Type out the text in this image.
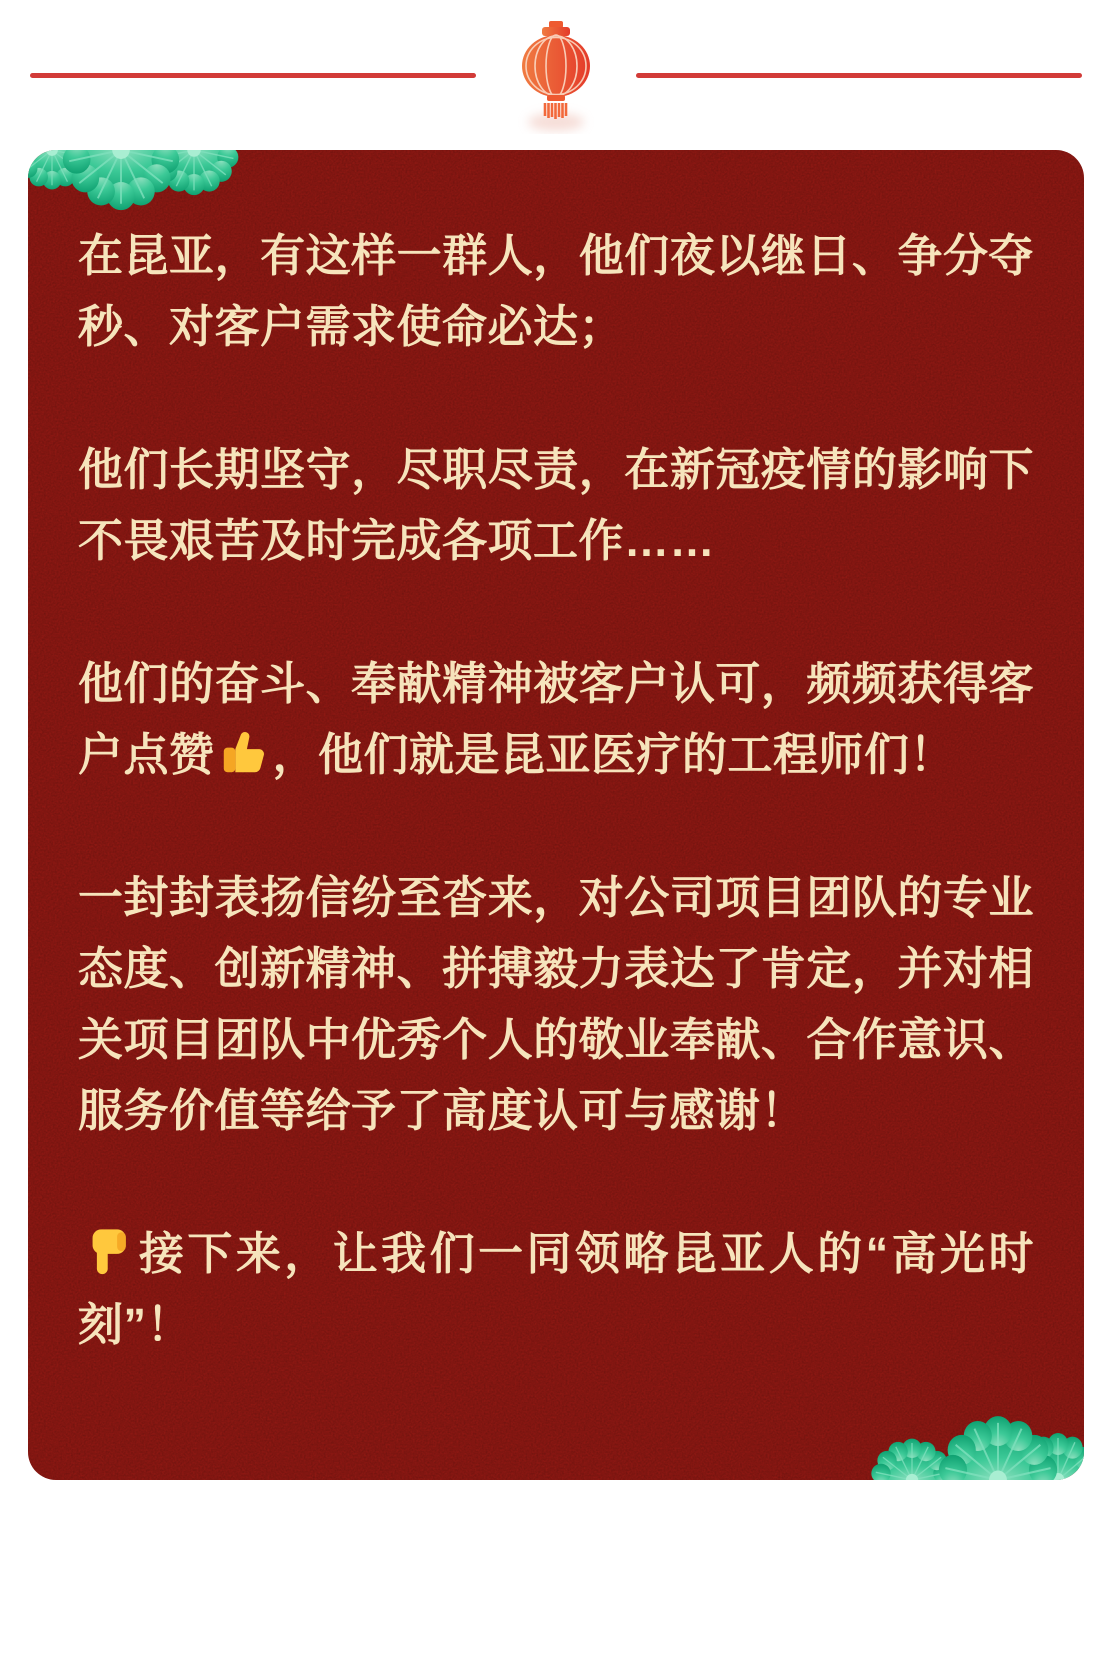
在昆亚，有这样一群人，他们夜以继日、争分夺秒、对客户需求使命必达；

他们长期坚守，尽职尽责，在新冠疫情的影响下不畏艰苦及时完成各项工作……

他们的奋斗、奉献精神被客户认可，频频获得客户点赞 ，他们就是昆亚医疗的工程师们！

一封封表扬信纷至沓来，对公司项目团队的专业态度、创新精神、拼搏毅力表达了肯定，并对相关项目团队中优秀个人的敬业奉献、合作意识、服务价值等给予了高度认可与感谢！

接下来，让我们一同领略昆亚人的“高光时刻”！
